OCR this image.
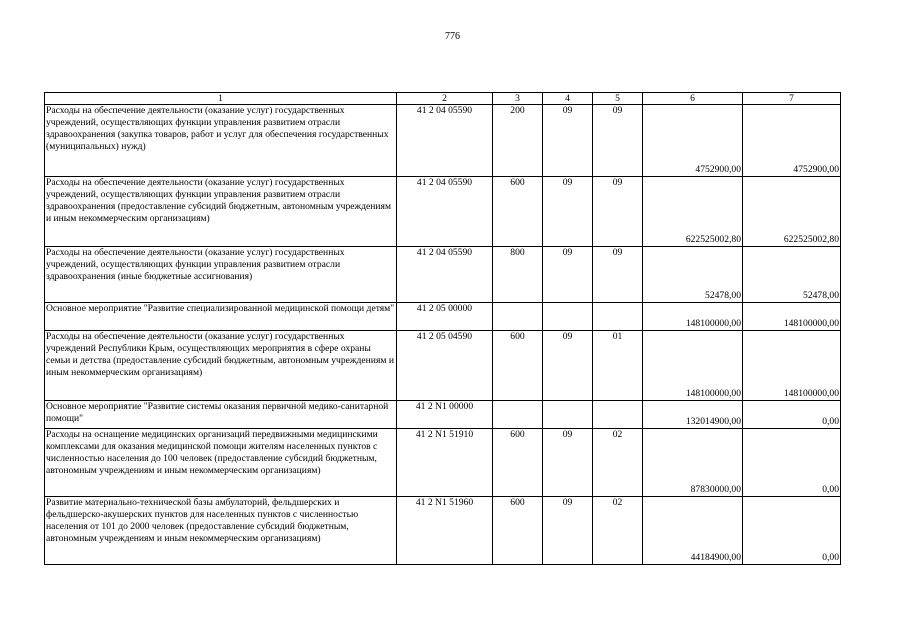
776
1	2	3	4	5	6	7
Расходы на обеспечение деятельности (оказание услуг) государственных учреждений, осуществляющих функции управления развитием отрасли здравоохранения (закупка товаров, работ и услуг для обеспечения государственных (муниципальных) нужд)	41 2 04 05590	200	09	09	4752900,00	4752900,00
Расходы на обеспечение деятельности (оказание услуг) государственных учреждений, осуществляющих функции управления развитием отрасли здравоохранения (предоставление субсидий бюджетным, автономным учреждениям и иным некоммерческим организациям)	41 2 04 05590	600	09	09	622525002,80	622525002,80
Расходы на обеспечение деятельности (оказание услуг) государственных учреждений, осуществляющих функции управления развитием отрасли здравоохранения (иные бюджетные ассигнования)	41 2 04 05590	800	09	09	52478,00	52478,00
Основное мероприятие "Развитие специализированной медицинской помощи детям"	41 2 05 00000				148100000,00	148100000,00
Расходы на обеспечение деятельности (оказание услуг) государственных учреждений Республики Крым, осуществляющих мероприятия в сфере охраны семьи и детства (предоставление субсидий бюджетным, автономным учреждениям и иным некоммерческим организациям)	41 2 05 04590	600	09	01	148100000,00	148100000,00
Основное мероприятие "Развитие системы оказания первичной медико-санитарной помощи"	41 2 N1 00000				132014900,00	0,00
Расходы на оснащение медицинских организаций передвижными медицинскими комплексами для оказания медицинской помощи жителям населенных пунктов с численностью населения до 100 человек (предоставление субсидий бюджетным, автономным учреждениям и иным некоммерческим организациям)	41 2 N1 51910	600	09	02	87830000,00	0,00
Развитие материально-технической базы амбулаторий, фельдшерских и фельдшерско-акушерских пунктов для населенных пунктов с численностью населения от 101 до 2000 человек (предоставление субсидий бюджетным, автономным учреждениям и иным некоммерческим организациям)	41 2 N1 51960	600	09	02	44184900,00	0,00
